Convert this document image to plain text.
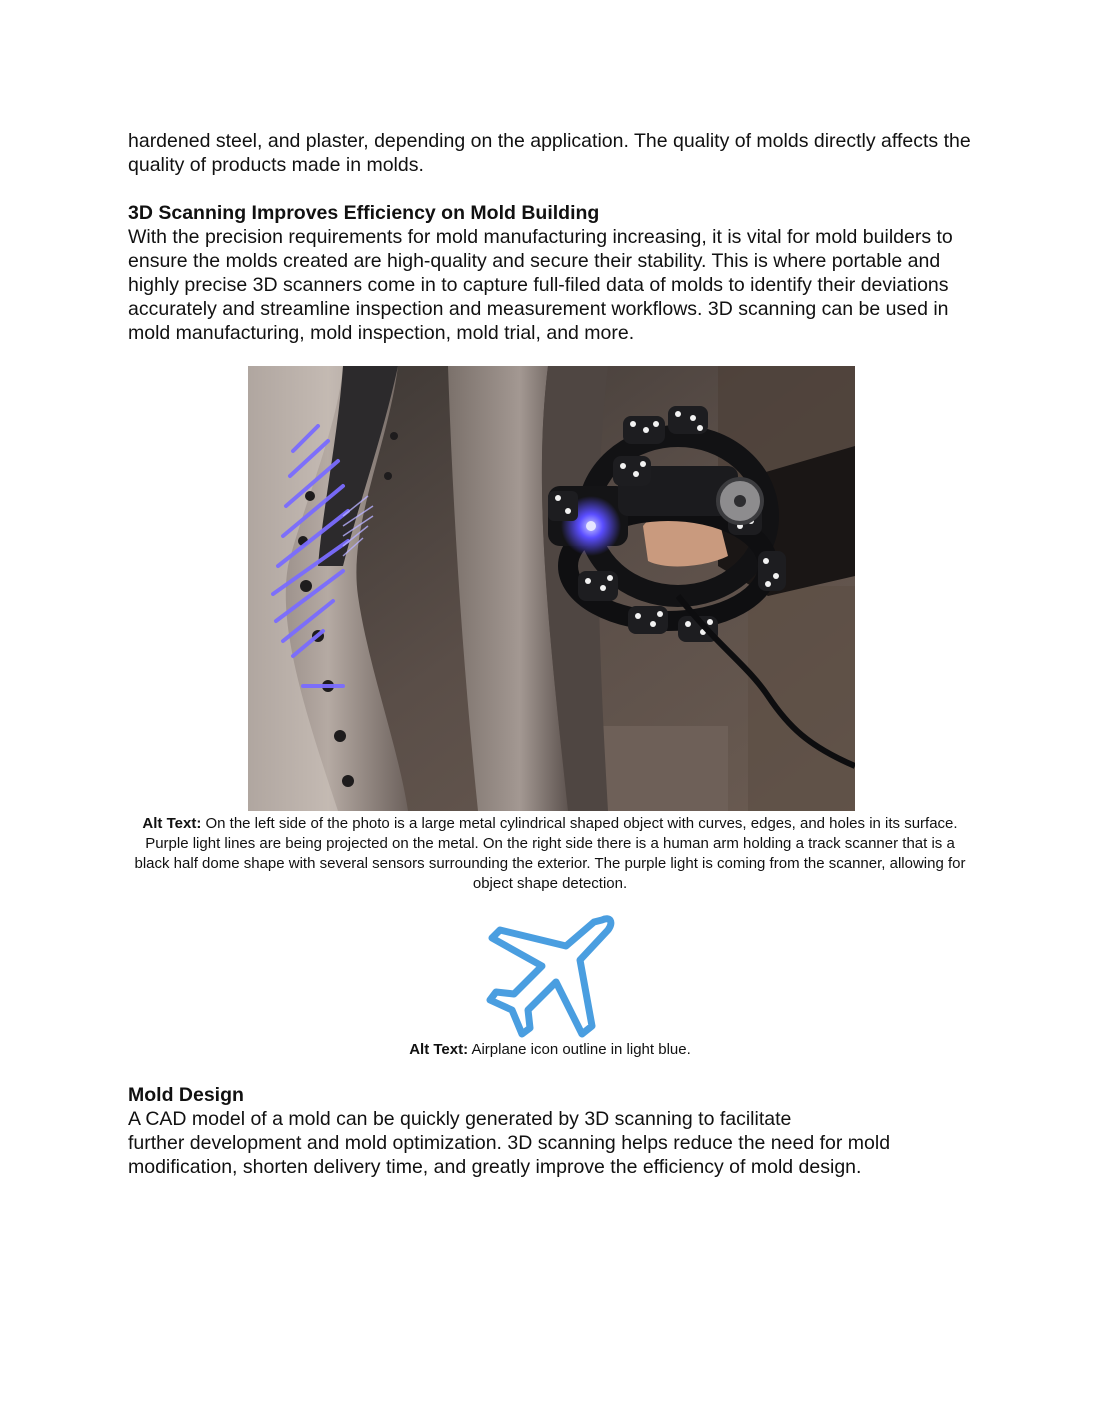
hardened steel, and plaster, depending on the application. The quality of molds directly affects the quality of products made in molds.

3D Scanning Improves Efficiency on Mold Building

With the precision requirements for mold manufacturing increasing, it is vital for mold builders to ensure the molds created are high-quality and secure their stability. This is where portable and highly precise 3D scanners come in to capture full-filed data of molds to identify their deviations accurately and streamline inspection and measurement workflows. 3D scanning can be used in mold manufacturing, mold inspection, mold trial, and more.

Alt Text: On the left side of the photo is a large metal cylindrical shaped object with curves, edges, and holes in its surface. Purple light lines are being projected on the metal. On the right side there is a human arm holding a track scanner that is a black half dome shape with several sensors surrounding the exterior. The purple light is coming from the scanner, allowing for object shape detection.

Alt Text: Airplane icon outline in light blue.

Mold Design

A CAD model of a mold can be quickly generated by 3D scanning to facilitate
further development and mold optimization. 3D scanning helps reduce the need for mold modification, shorten delivery time, and greatly improve the efficiency of mold design.
